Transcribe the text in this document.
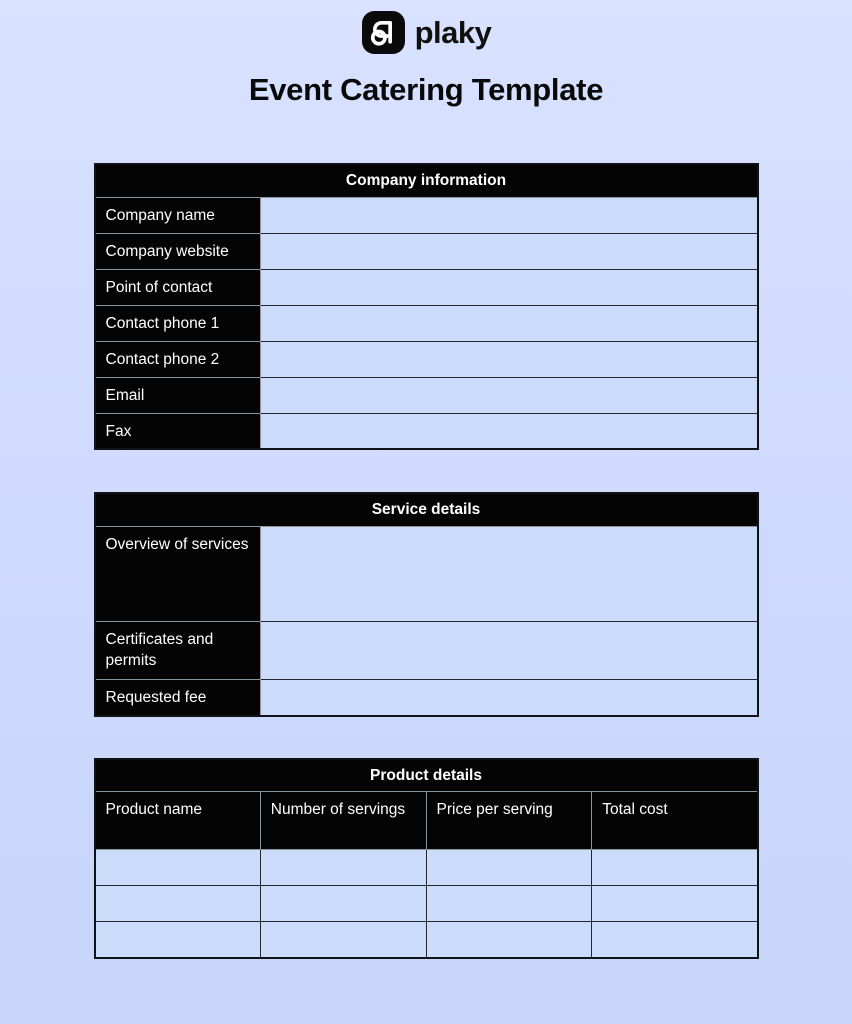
plaky
Event Catering Template
Company information	
Company name	
Company website	
Point of contact	
Contact phone 1	
Contact phone 2	
Email	
Fax	
Service details	
Overview of services	
Certificates and permits	
Requested fee	
Product details			
Product name	Number of servings	Price per serving	Total cost
